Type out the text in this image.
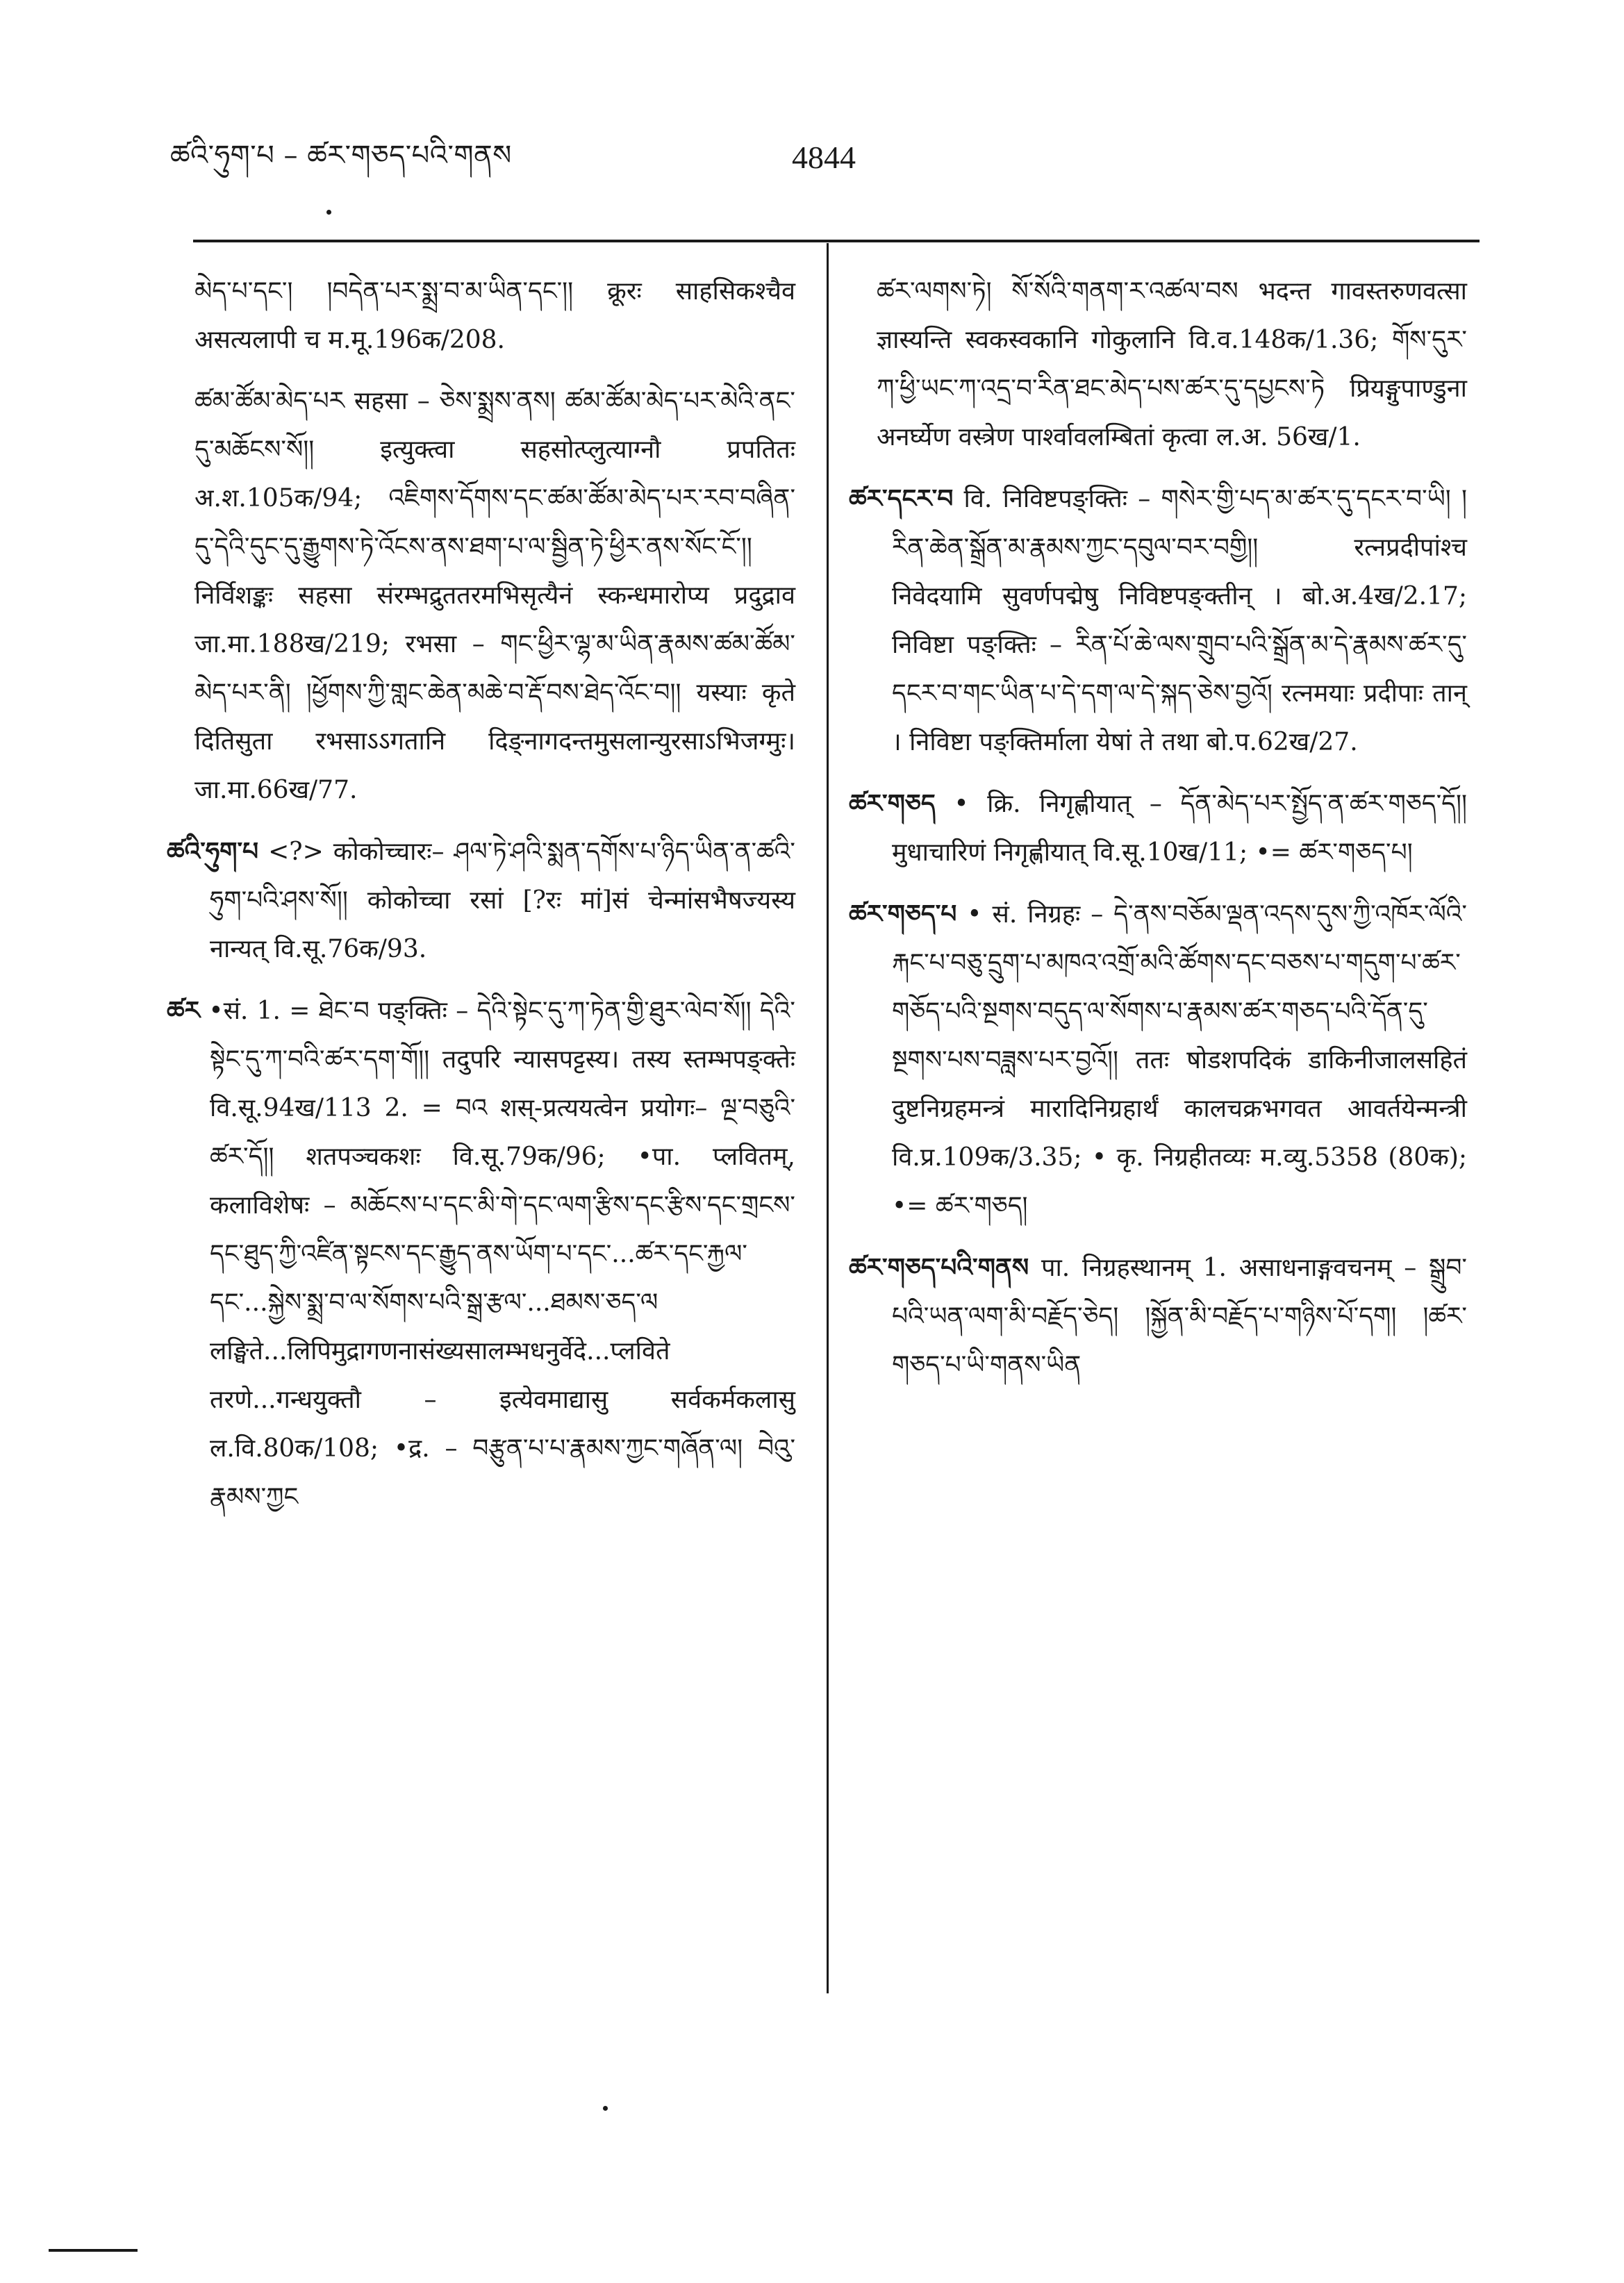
ཚའི་ཧུག་པ – ཚར་གཅད་པའི་གནས	4844

མེད་པ་དང་། །བདེན་པར་སྨྲ་བ་མ་ཡིན་དང་།། क्रूरः साहसिकश्चैव असत्यलापी च म.मू.196क/208.

ཚམ་ཚོམ་མེད་པར सहसा – ཅེས་སྨྲས་ནས། ཚམ་ཚོམ་མེད་པར་མེའི་ནང་དུ་མཆོངས་སོ།། इत्युक्त्वा सहसोत्प्लुत्याग्नौ प्रपतितः अ.श.105क/94; འཇིགས་དོགས་དང་ཚམ་ཚོམ་མེད་པར་རབ་བཞིན་དུ་དེའི་དུང་དུ་རྒྱུགས་ཏེ་འོངས་ནས་ཐག་པ་ལ་སྦྱིན་ཏེ་ཕྱིར་ནས་སོང་ངོ་།། निर्विशङ्कः सहसा संरम्भद्रुततरमभिसृत्यैनं स्कन्धमारोप्य प्रदुद्राव जा.मा.188ख/219; रभसा – གང་ཕྱིར་ལྷ་མ་ཡིན་རྣམས་ཚམ་ཚོམ་མེད་པར་ནི། །ཕྱོགས་ཀྱི་གླང་ཆེན་མཆེ་བ་རྡོ་བས་ཐེད་འོང་བ།། यस्याः कृते दितिसुता रभसाऽऽगतानि दिङ्नागदन्तमुसलान्युरसाऽभिजग्मुः। जा.मा.66ख/77.

ཚའི་ཧུག་པ <?> कोकोच्चारः– ཤལ་ཏེ་ཤའི་སྨན་དགོས་པ་ཉིད་ཡིན་ན་ཚའི་ཧུག་པའི་ཤས་སོ།། कोकोच्चा रसां [?रः मां]सं चेन्मांसभैषज्यस्य नान्यत् वि.सू.76क/93.

ཚར •सं. 1. = ཐེང་བ पङ्क्तिः – དེའི་སྟེང་དུ་ཀ་ཏེན་གྱི་ཐུར་ལེབ་སོ།། དེའི་སྟེང་དུ་ཀ་བའི་ཚར་དག་གོ།། तदुपरि न्यासपट्टस्य। तस्य स्तम्भपङ्क्तेः वि.सू.94ख/113 2. = བའ शस्-प्रत्ययत्वेन प्रयोगः– ལྔ་བཅུའི་ཚར་དོ།། शतपञ्चकशः वि.सू.79क/96; •पा. प्लवितम्, कलाविशेषः – མཆོངས་པ་དང་མི་གེ་དང་ལག་རྩིས་དང་རྩིས་དང་གྲངས་དང་ཐུད་ཀྱི་འཛིན་སྟངས་དང་རྒྱུད་ནས་ཡོག་པ་དང་...ཚར་དང་རྐྱལ་དང་...སྐྱེས་སྨྲ་བ་ལ་སོགས་པའི་སྒྲ་རྩལ་...ཐམས་ཅད་ལ लङ्घिते...लिपिमुद्रागणनासंख्यसालम्भधनुर्वेदे...प्लविते तरणे...गन्धयुक्तौ – इत्येवमाद्यासु सर्वकर्मकलासु ल.वि.80क/108; •द्र. – བརྩུན་པ་པ་རྣམས་ཀྱང་གཞོན་ལ། བེའུ་རྣམས་ཀྱང

ཚར་ལགས་ཏེ། སོ་སོའི་གནག་ར་འཚལ་བས भदन्त गावस्तरुणवत्सा ज्ञास्यन्ति स्वकस्वकानि गोकुलानि वि.व.148क/1.36; གོས་དུར་ཀ་ཕྱི་ཡང་ཀ་འདྲ་བ་རིན་ཐང་མེད་པས་ཚར་དུ་དཔྱངས་ཏེ प्रियङ्गुपाण्डुना अनर्घ्येण वस्त्रेण पार्श्वावलम्बितां कृत्वा ल.अ. 56ख/1.

ཚར་དངར་བ वि. निविष्टपङ्क्तिः – གསེར་གྱི་པད་མ་ཚར་དུ་དངར་བ་ཡི། །རིན་ཆེན་སྒྲོན་མ་རྣམས་ཀྱང་དབུལ་བར་བགྱི།། रत्नप्रदीपांश्च निवेदयामि सुवर्णपद्मेषु निविष्टपङ्क्तीन् । बो.अ.4ख/2.17; निविष्टा पङ्क्तिः – རིན་པོ་ཆེ་ལས་གྲུབ་པའི་སྒྲོན་མ་དེ་རྣམས་ཚར་དུ་དངར་བ་གང་ཡིན་པ་དེ་དག་ལ་དེ་སྐད་ཅེས་བྱའོ། रत्नमयाः प्रदीपाः तान् । निविष्टा पङ्क्तिर्माला येषां ते तथा बो.प.62ख/27.

ཚར་གཅད • क्रि. निगृह्णीयात् – དོན་མེད་པར་སྤྱོད་ན་ཚར་གཅད་དོ།། मुधाचारिणं निगृह्णीयात् वि.सू.10ख/11; •= ཚར་གཅད་པ།

ཚར་གཅད་པ • सं. निग्रहः – དེ་ནས་བཅོམ་ལྡན་འདས་དུས་ཀྱི་འཁོར་ལོའི་རྐང་པ་བཅུ་དྲུག་པ་མཁའ་འགྲོ་མའི་ཚོགས་དང་བཅས་པ་གདུག་པ་ཚར་གཅོད་པའི་སྔགས་བདུད་ལ་སོགས་པ་རྣམས་ཚར་གཅད་པའི་དོན་དུ་སྔགས་པས་བཟླས་པར་བྱའོ།། ततः षोडशपदिकं डाकिनीजालसहितं दुष्टनिग्रहमन्त्रं मारादिनिग्रहार्थं कालचक्रभगवत आवर्तयेन्मन्त्री वि.प्र.109क/3.35; • कृ. निग्रहीतव्यः म.व्यु.5358 (80क); •= ཚར་གཅད།

ཚར་གཅད་པའི་གནས पा. निग्रहस्थानम् 1. असाधनाङ्गवचनम् – སྒྲུབ་པའི་ཡན་ལག་མི་བརྗོད་ཅེད། །སྐྱོན་མི་བརྗོད་པ་གཉིས་པོ་དག། །ཚར་གཅད་པ་ཡི་གནས་ཡིན
